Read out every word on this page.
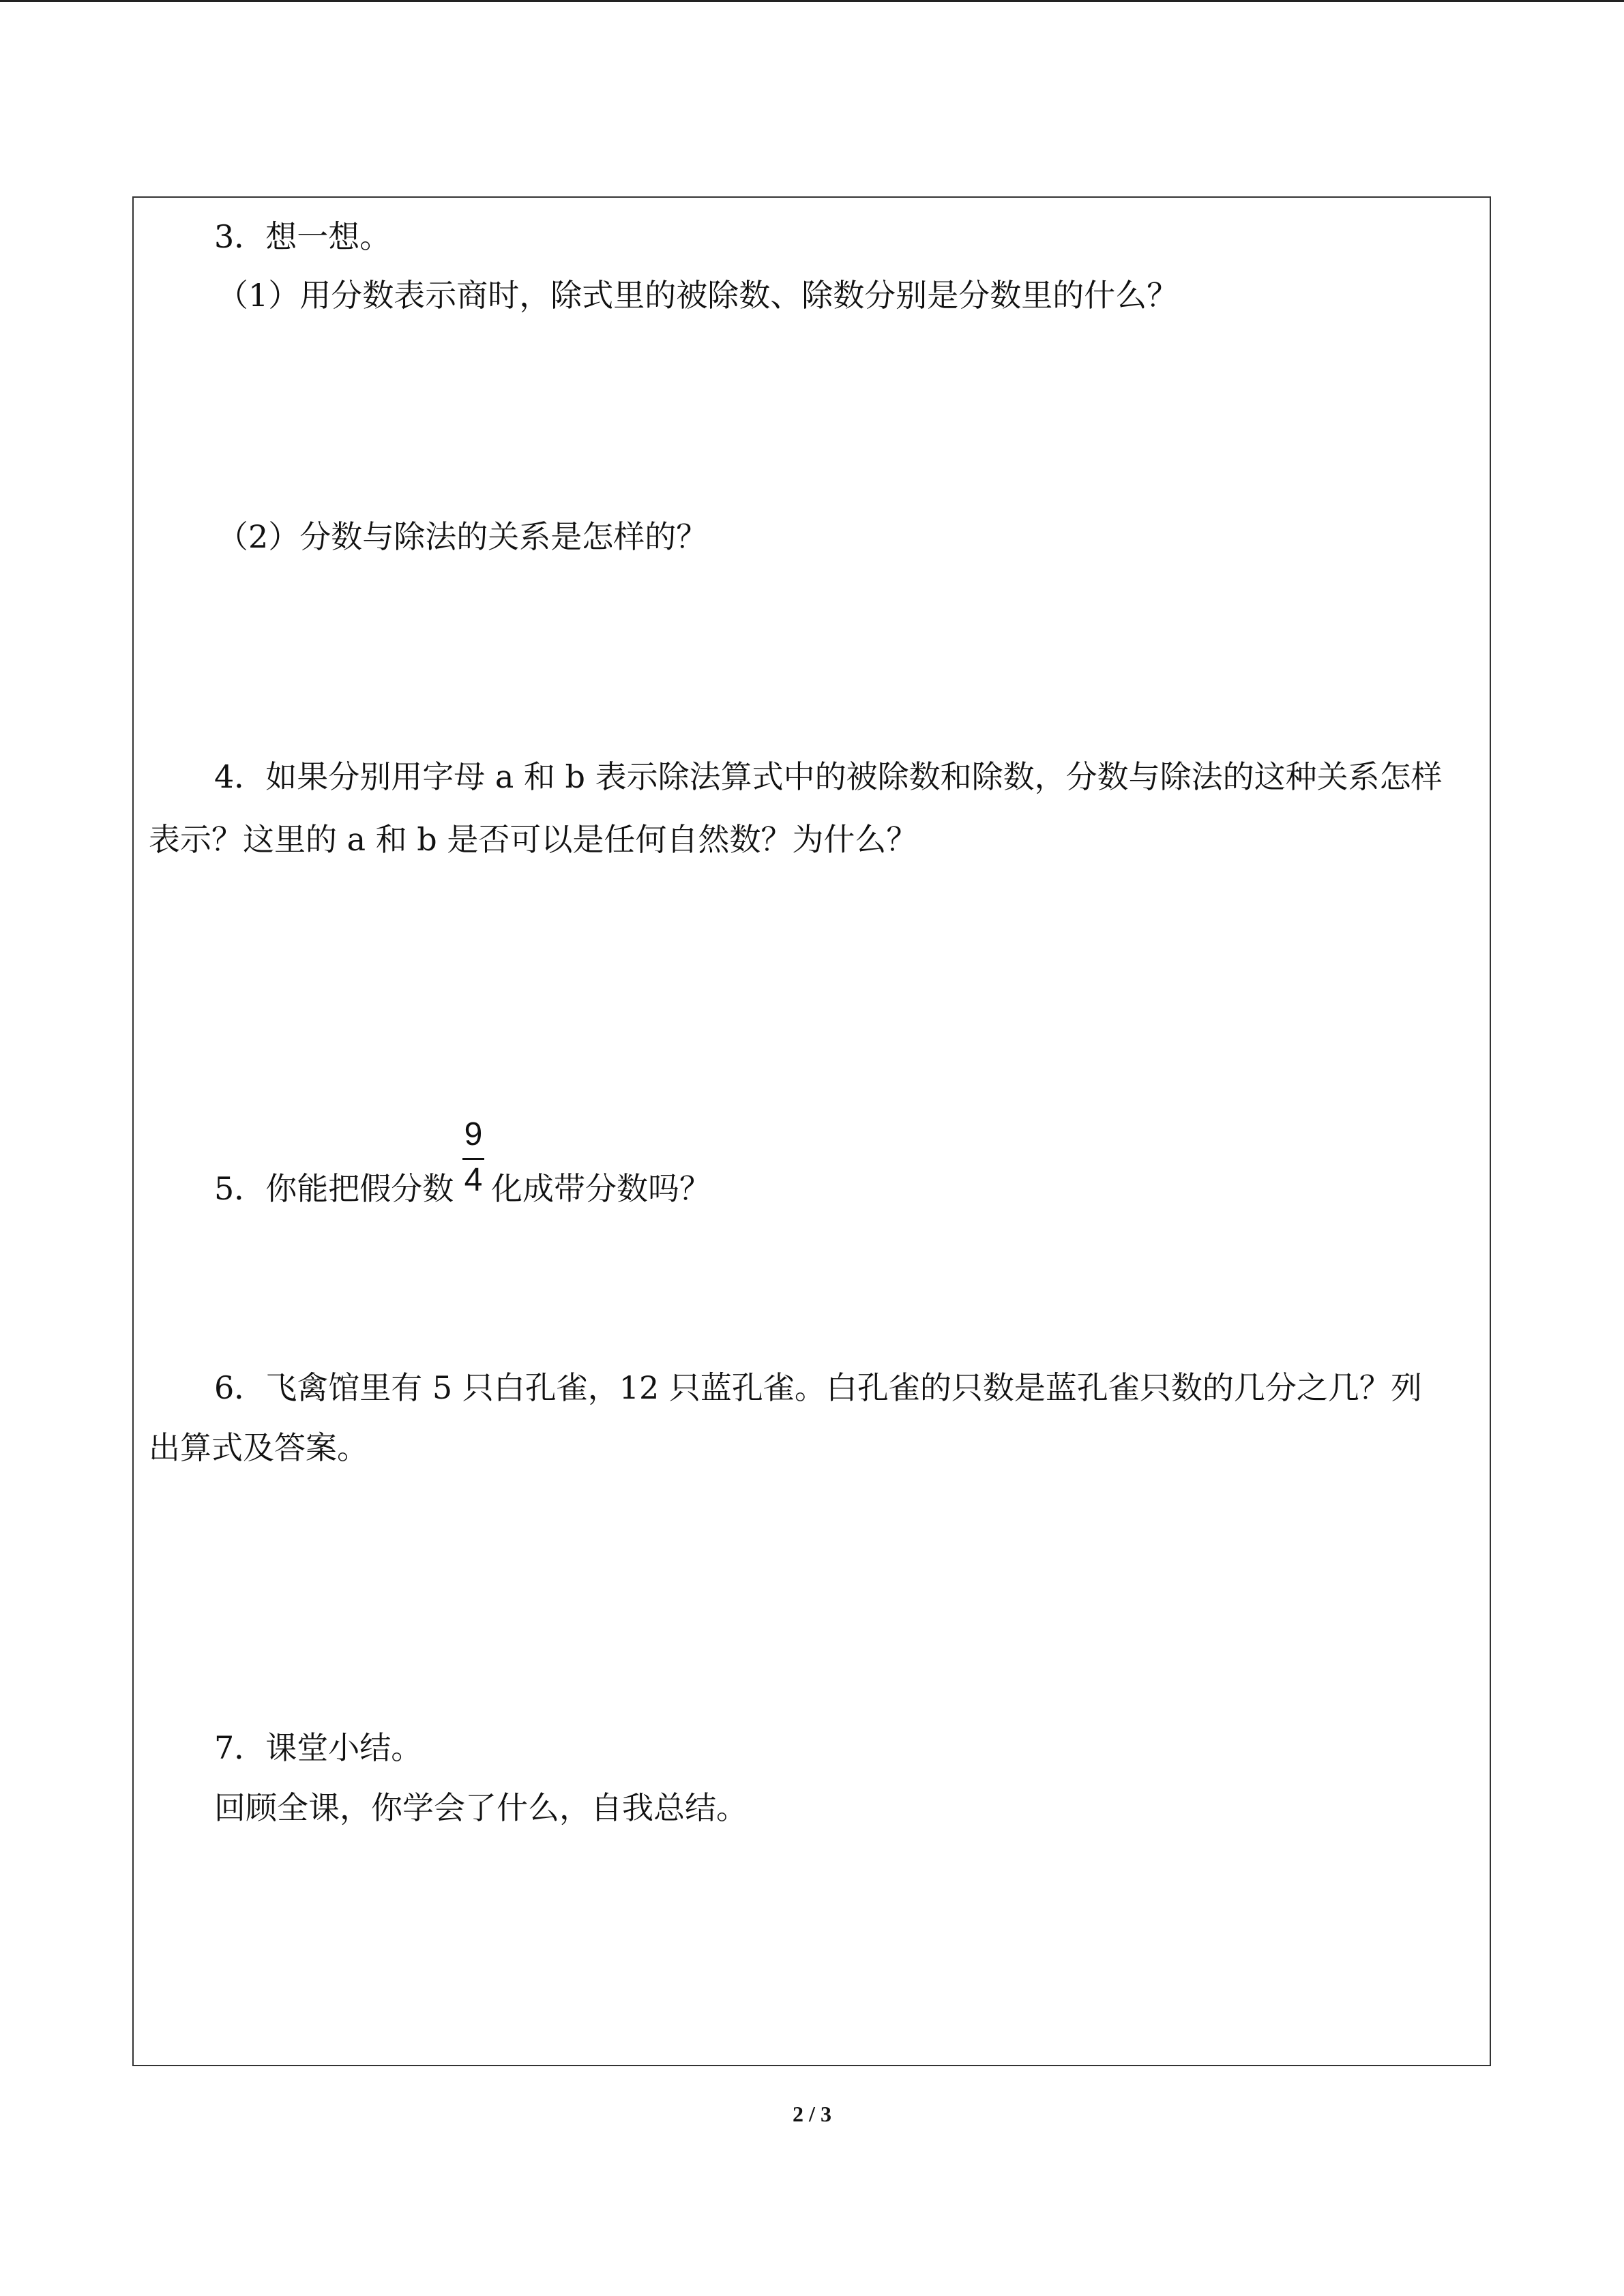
3．想一想。
（1）用分数表示商时，除式里的被除数、除数分别是分数里的什么？
（2）分数与除法的关系是怎样的？
4．如果分别用字母 a 和 b 表示除法算式中的被除数和除数，分数与除法的这种关系怎样
表示？这里的 a 和 b 是否可以是任何自然数？为什么？
5．你能把假分数
9
4 化成带分数吗？
6．飞禽馆里有 5 只白孔雀，12 只蓝孔雀。白孔雀的只数是蓝孔雀只数的几分之几？列
出算式及答案。
7．课堂小结。
回顾全课，你学会了什么，自我总结。
2 / 3
